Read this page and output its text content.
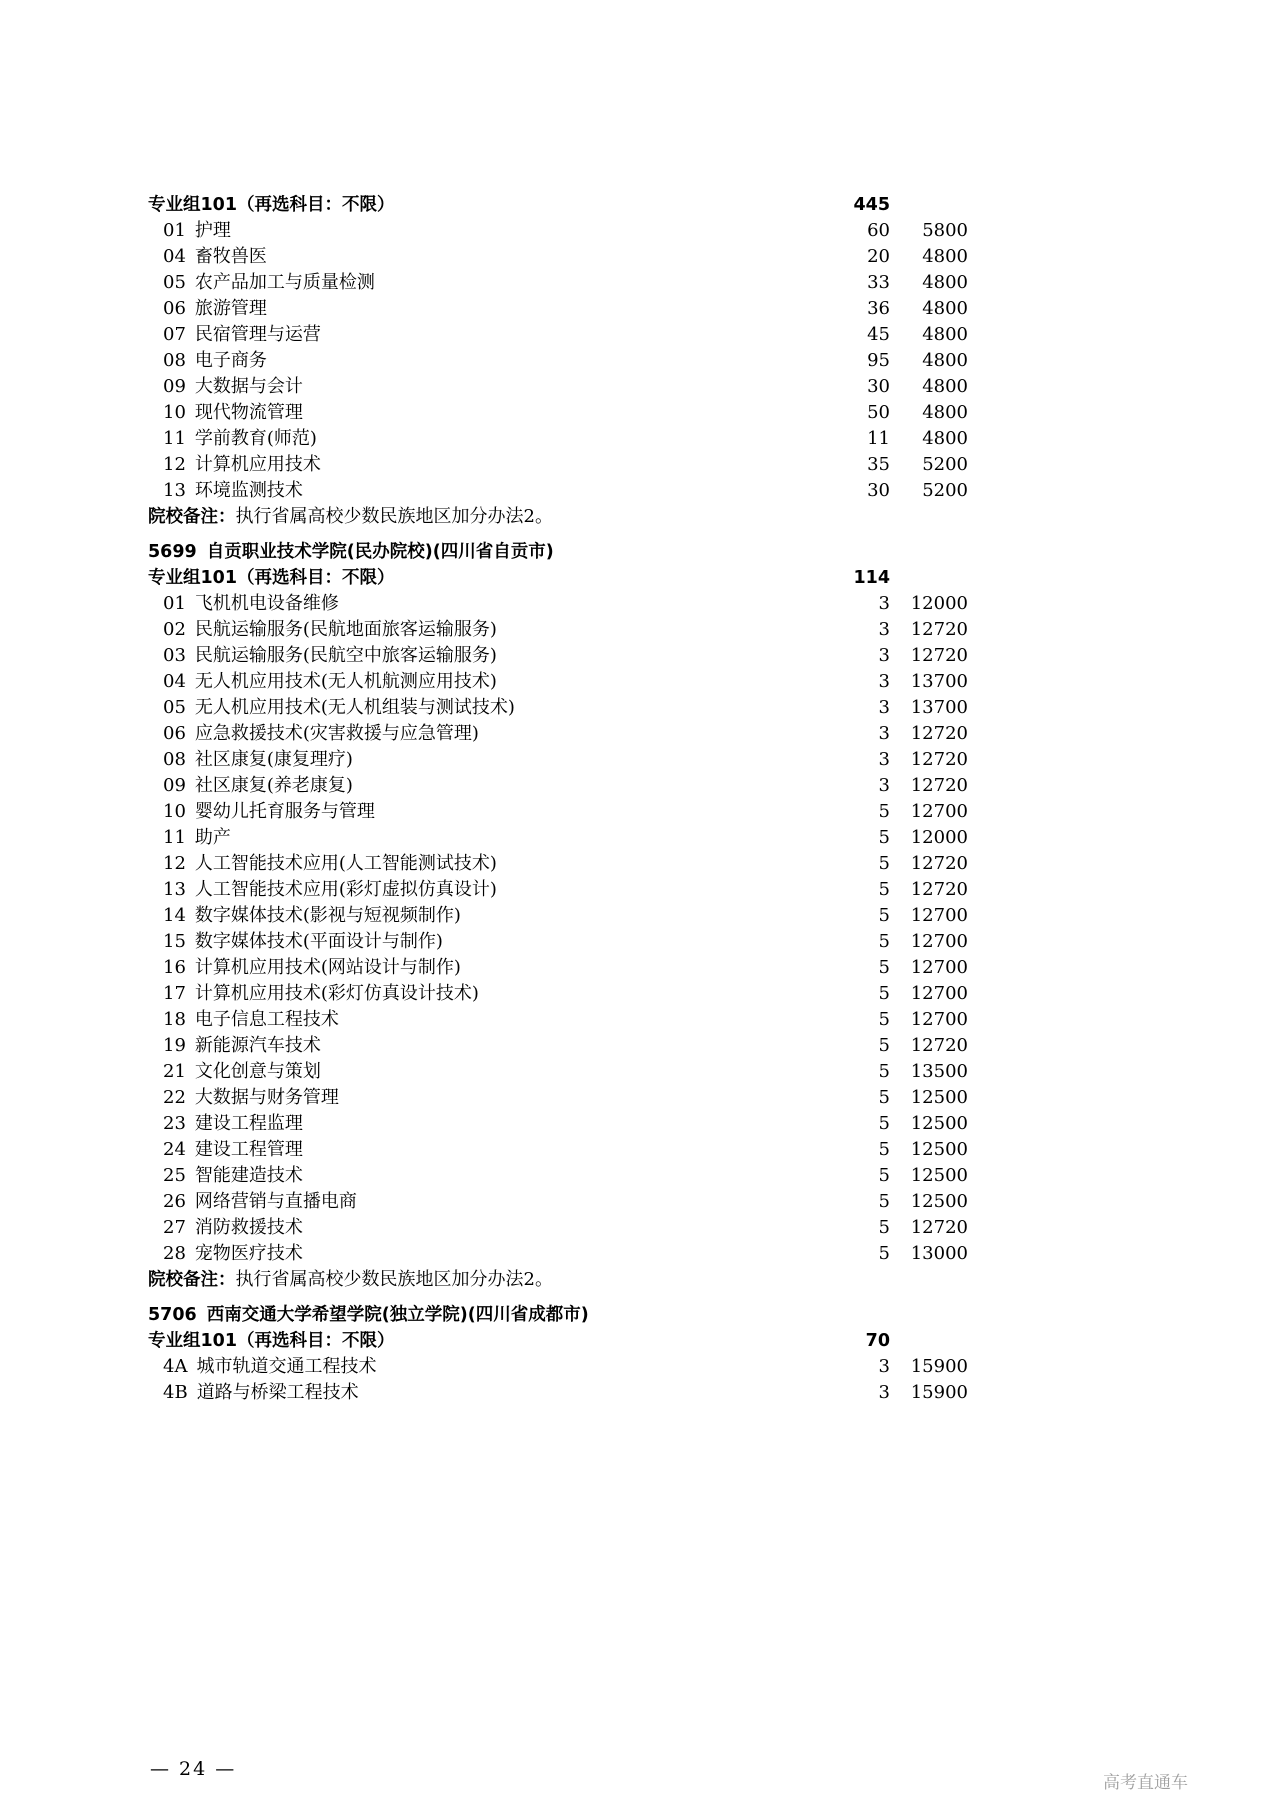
专业组101（再选科目：不限）	445
01 护理	60	5800
04 畜牧兽医	20	4800
05 农产品加工与质量检测	33	4800
06 旅游管理	36	4800
07 民宿管理与运营	45	4800
08 电子商务	95	4800
09 大数据与会计	30	4800
10 现代物流管理	50	4800
11 学前教育(师范)	11	4800
12 计算机应用技术	35	5200
13 环境监测技术	30	5200
院校备注：执行省属高校少数民族地区加分办法2。
5699 自贡职业技术学院(民办院校)(四川省自贡市)
专业组101（再选科目：不限）	114
01 飞机机电设备维修	3	12000
02 民航运输服务(民航地面旅客运输服务)	3	12720
03 民航运输服务(民航空中旅客运输服务)	3	12720
04 无人机应用技术(无人机航测应用技术)	3	13700
05 无人机应用技术(无人机组装与测试技术)	3	13700
06 应急救援技术(灾害救援与应急管理)	3	12720
08 社区康复(康复理疗)	3	12720
09 社区康复(养老康复)	3	12720
10 婴幼儿托育服务与管理	5	12700
11 助产	5	12000
12 人工智能技术应用(人工智能测试技术)	5	12720
13 人工智能技术应用(彩灯虚拟仿真设计)	5	12720
14 数字媒体技术(影视与短视频制作)	5	12700
15 数字媒体技术(平面设计与制作)	5	12700
16 计算机应用技术(网站设计与制作)	5	12700
17 计算机应用技术(彩灯仿真设计技术)	5	12700
18 电子信息工程技术	5	12700
19 新能源汽车技术	5	12720
21 文化创意与策划	5	13500
22 大数据与财务管理	5	12500
23 建设工程监理	5	12500
24 建设工程管理	5	12500
25 智能建造技术	5	12500
26 网络营销与直播电商	5	12500
27 消防救援技术	5	12720
28 宠物医疗技术	5	13000
院校备注：执行省属高校少数民族地区加分办法2。
5706 西南交通大学希望学院(独立学院)(四川省成都市)
专业组101（再选科目：不限）	70
4A 城市轨道交通工程技术	3	15900
4B 道路与桥梁工程技术	3	15900
— 24 —
高考直通车
